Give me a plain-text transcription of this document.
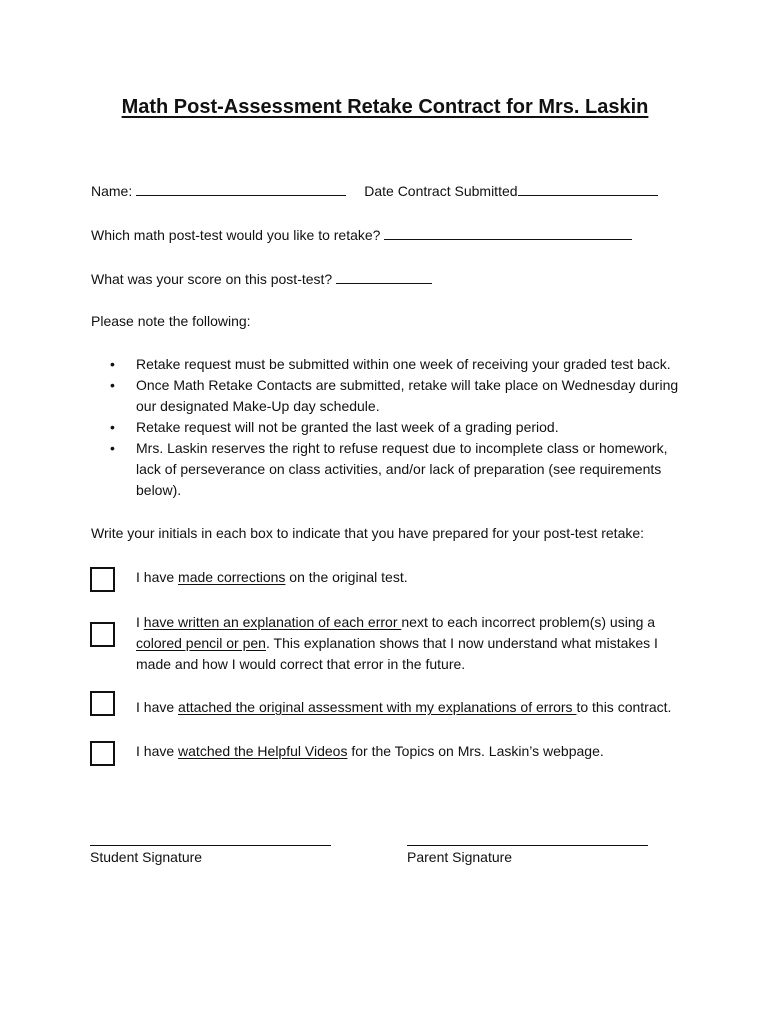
Math Post-Assessment Retake Contract for Mrs. Laskin
Name:	Date Contract Submitted
Which math post-test would you like to retake?
What was your score on this post-test?
Please note the following:
• Retake request must be submitted within one week of receiving your graded test back.
• Once Math Retake Contacts are submitted, retake will take place on Wednesday during our designated Make-Up day schedule.
• Retake request will not be granted the last week of a grading period.
• Mrs. Laskin reserves the right to refuse request due to incomplete class or homework, lack of perseverance on class activities, and/or lack of preparation (see requirements below).
Write your initials in each box to indicate that you have prepared for your post-test retake:
I have made corrections on the original test.
I have written an explanation of each error next to each incorrect problem(s) using a colored pencil or pen. This explanation shows that I now understand what mistakes I made and how I would correct that error in the future.
I have attached the original assessment with my explanations of errors to this contract.
I have watched the Helpful Videos for the Topics on Mrs. Laskin’s webpage.
Student Signature	Parent Signature
